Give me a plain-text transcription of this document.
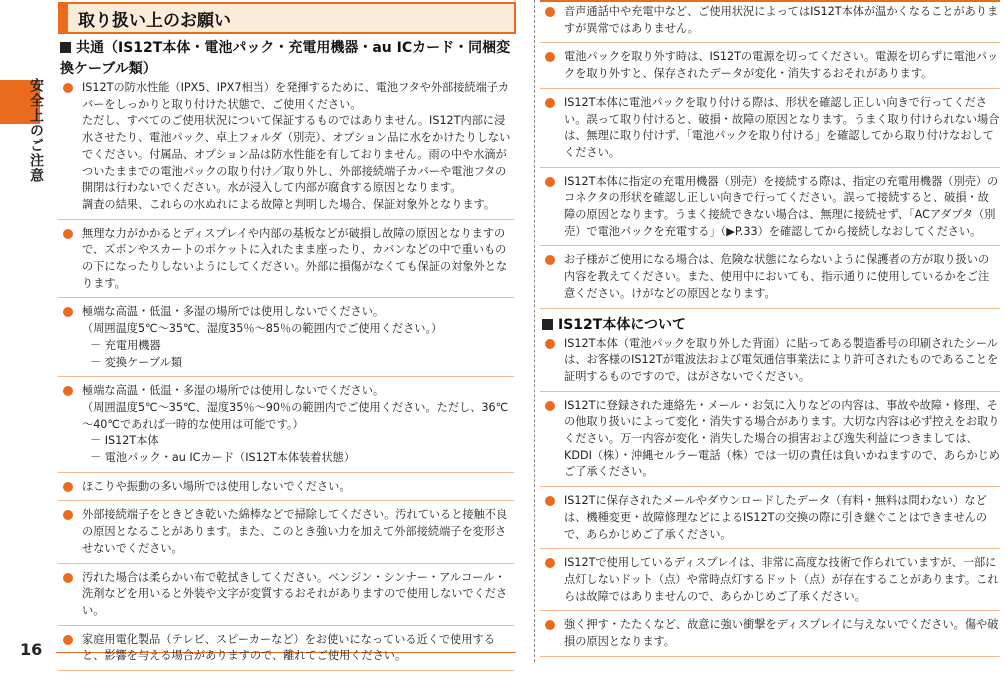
安全上のご注意
16
取り扱い上のお願い
共通（IS12T本体・電池パック・充電用機器・au ICカード・同梱変換ケーブル類）

IS12Tの防水性能（IPX5、IPX7相当）を発揮するために、電池フタや外部接続端子カバーをしっかりと取り付けた状態で、ご使用ください。

ただし、すべてのご使用状況について保証するものではありません。IS12T内部に浸水させたり、電池パック、卓上フォルダ（別売）、オプション品に水をかけたりしないでください。付属品、オプション品は防水性能を有しておりません。雨の中や水滴がついたままでの電池パックの取り付け／取り外し、外部接続端子カバーや電池フタの開閉は行わないでください。水が浸入して内部が腐食する原因となります。

調査の結果、これらの水ぬれによる故障と判明した場合、保証対象外となります。

無理な力がかかるとディスプレイや内部の基板などが破損し故障の原因となりますので、ズボンやスカートのポケットに入れたまま座ったり、カバンなどの中で重いものの下になったりしないようにしてください。外部に損傷がなくても保証の対象外となります。

極端な高温・低温・多湿の場所では使用しないでください。

（周囲温度5℃～35℃、湿度35％～85％の範囲内でご使用ください。）

－ 充電用機器

－ 変換ケーブル類

極端な高温・低温・多湿の場所では使用しないでください。

（周囲温度5℃～35℃、湿度35％～90％の範囲内でご使用ください。ただし、36℃～40℃であれば一時的な使用は可能です。）

－ IS12T本体

－ 電池パック・au ICカード（IS12T本体装着状態）

ほこりや振動の多い場所では使用しないでください。

外部接続端子をときどき乾いた綿棒などで掃除してください。汚れていると接触不良の原因となることがあります。また、このとき強い力を加えて外部接続端子を変形させないでください。

汚れた場合は柔らかい布で乾拭きしてください。ベンジン・シンナー・アルコール・洗剤などを用いると外装や文字が変質するおそれがありますので使用しないでください。

家庭用電化製品（テレビ、スピーカーなど）をお使いになっている近くで使用すると、影響を与える場合がありますので、離れてご使用ください。

音声通話中や充電中など、ご使用状況によってはIS12T本体が温かくなることがありますが異常ではありません。

電池パックを取り外す時は、IS12Tの電源を切ってください。電源を切らずに電池パックを取り外すと、保存されたデータが変化・消失するおそれがあります。

IS12T本体に電池パックを取り付ける際は、形状を確認し正しい向きで行ってください。誤って取り付けると、破損・故障の原因となります。うまく取り付けられない場合は、無理に取り付けず、「電池パックを取り付ける」を確認してから取り付けなおしてください。

IS12T本体に指定の充電用機器（別売）を接続する際は、指定の充電用機器（別売）のコネクタの形状を確認し正しい向きで行ってください。誤って接続すると、破損・故障の原因となります。うまく接続できない場合は、無理に接続せず、「ACアダプタ（別売）で電池パックを充電する」（▶P.33）を確認してから接続しなおしてください。

お子様がご使用になる場合は、危険な状態にならないように保護者の方が取り扱いの内容を教えてください。また、使用中においても、指示通りに使用しているかをご注意ください。けがなどの原因となります。

IS12T本体について

IS12T本体（電池パックを取り外した背面）に貼ってある製造番号の印刷されたシールは、お客様のIS12Tが電波法および電気通信事業法により許可されたものであることを証明するものですので、はがさないでください。

IS12Tに登録された連絡先・メール・お気に入りなどの内容は、事故や故障・修理、その他取り扱いによって変化・消失する場合があります。大切な内容は必ず控えをお取りください。万一内容が変化・消失した場合の損害および逸失利益につきましては、KDDI（株）・沖縄セルラー電話（株）では一切の責任は負いかねますので、あらかじめご了承ください。

IS12Tに保存されたメールやダウンロードしたデータ（有料・無料は問わない）などは、機種変更・故障修理などによるIS12Tの交換の際に引き継ぐことはできませんので、あらかじめご了承ください。

IS12Tで使用しているディスプレイは、非常に高度な技術で作られていますが、一部に点灯しないドット（点）や常時点灯するドット（点）が存在することがあります。これらは故障ではありませんので、あらかじめご了承ください。

強く押す・たたくなど、故意に強い衝撃をディスプレイに与えないでください。傷や破損の原因となります。
